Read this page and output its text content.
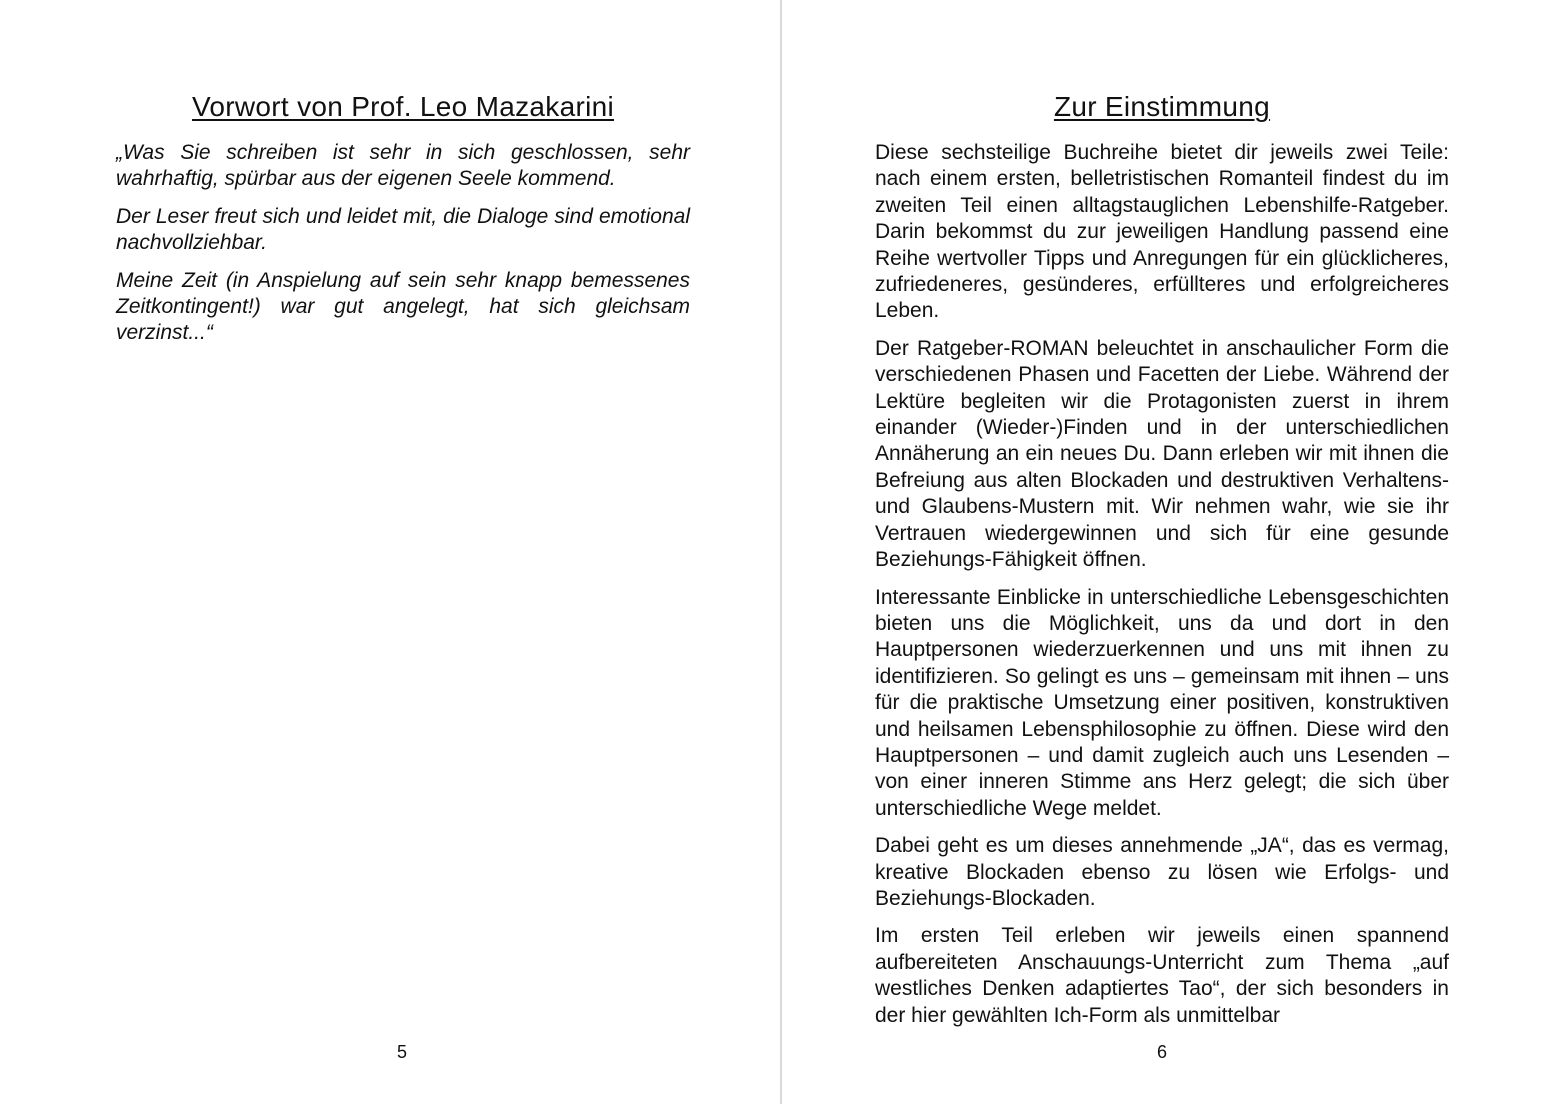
Vorwort von Prof. Leo Mazakarini

„Was Sie schreiben ist sehr in sich geschlossen, sehr wahrhaftig, spürbar aus der eigenen Seele kommend.

Der Leser freut sich und leidet mit, die Dialoge sind emotional nachvollziehbar.

Meine Zeit (in Anspielung auf sein sehr knapp bemessenes Zeitkontingent!) war gut angelegt, hat sich gleichsam verzinst...“

5
Zur Einstimmung

Diese sechsteilige Buchreihe bietet dir jeweils zwei Teile: nach einem ersten, belletristischen Romanteil findest du im zweiten Teil einen alltagstauglichen Lebenshilfe-Ratgeber. Darin bekommst du zur jeweiligen Handlung passend eine Reihe wertvoller Tipps und Anregungen für ein glücklicheres, zufriedeneres, gesünderes, erfüllteres und erfolgreicheres Leben.

Der Ratgeber-ROMAN beleuchtet in anschaulicher Form die verschiedenen Phasen und Facetten der Liebe. Während der Lektüre begleiten wir die Protagonisten zuerst in ihrem einander (Wieder-)Finden und in der unterschiedlichen Annäherung an ein neues Du. Dann erleben wir mit ihnen die Befreiung aus alten Blockaden und destruktiven Verhaltens- und Glaubens-Mustern mit. Wir nehmen wahr, wie sie ihr Vertrauen wiedergewinnen und sich für eine gesunde Beziehungs-Fähigkeit öffnen.

Interessante Einblicke in unterschiedliche Lebensgeschichten bieten uns die Möglichkeit, uns da und dort in den Hauptpersonen wiederzuerkennen und uns mit ihnen zu identifizieren. So gelingt es uns – gemeinsam mit ihnen – uns für die praktische Umsetzung einer positiven, konstruktiven und heilsamen Lebensphilosophie zu öffnen. Diese wird den Hauptpersonen – und damit zugleich auch uns Lesenden – von einer inneren Stimme ans Herz gelegt; die sich über unterschiedliche Wege meldet.

Dabei geht es um dieses annehmende „JA“, das es vermag, kreative Blockaden ebenso zu lösen wie Erfolgs- und Beziehungs-Blockaden.

Im ersten Teil erleben wir jeweils einen spannend aufbereiteten Anschauungs-Unterricht zum Thema „auf westliches Denken adaptiertes Tao“, der sich besonders in der hier gewählten Ich-Form als unmittelbar

6
